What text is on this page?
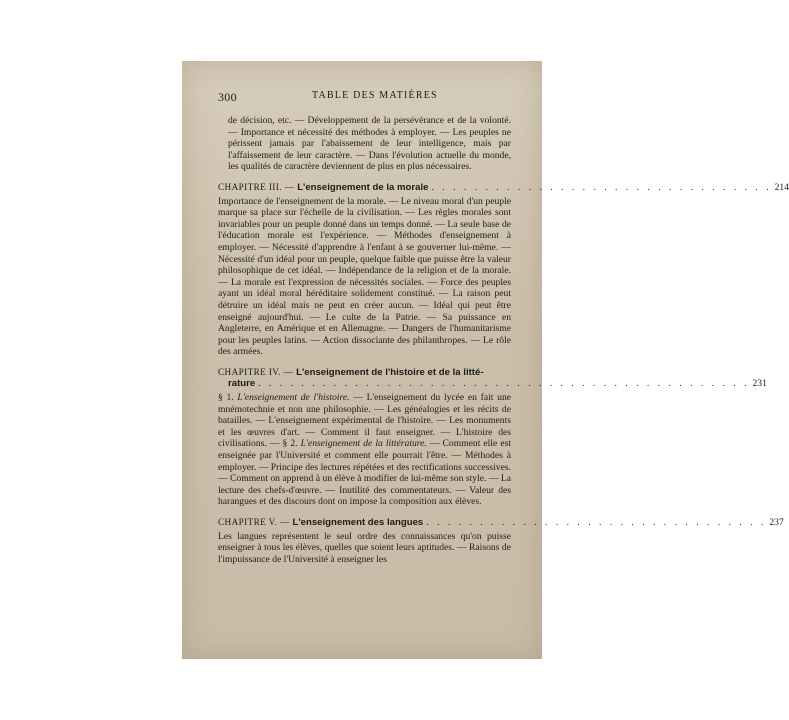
300	TABLE DES MATIÈRES
de décision, etc. — Développement de la persévérance et de la volonté. — Importance et nécessité des méthodes à employer. — Les peuples ne périssent jamais par l'abaissement de leur intelligence, mais par l'affaissement de leur caractère. — Dans l'évolution actuelle du monde, les qualités de caractère deviennent de plus en plus nécessaires.
CHAPITRE III. — L'enseignement de la morale . . . . . . . . . . . . . . . . . . . . . . . . . . . . . . . . 214
Importance de l'enseignement de la morale. — Le niveau moral d'un peuple marque sa place sur l'échelle de la civilisation. — Les règles morales sont invariables pour un peuple donné dans un temps donné. — La seule base de l'éducation morale est l'expérience. — Méthodes d'enseignement à employer. — Nécessité d'apprendre à l'enfant à se gouverner lui-même. — Nécessité d'un idéal pour un peuple, quelque faible que puisse être la valeur philosophique de cet idéal. — Indépendance de la religion et de la morale. — La morale est l'expression de nécessités sociales. — Force des peuples ayant un idéal moral héréditaire solidement constitué. — La raison peut détruire un idéal mais ne peut en créer aucun. — Idéal qui peut être enseigné aujourd'hui. — Le culte de la Patrie. — Sa puissance en Angleterre, en Amérique et en Allemagne. — Dangers de l'humanitarisme pour les peuples latins. — Action dissociante des philanthropes. — Le rôle des armées.
CHAPITRE IV. — L'enseignement de l'histoire et de la litté-
rature . . . . . . . . . . . . . . . . . . . . . . . . . . . . . . . . . . . . . . . . . . . . . . 231
§ 1. L'enseignement de l'histoire. — L'enseignement du lycée en fait une mnémotechnie et non une philosophie. — Les généalogies et les récits de batailles. — L'enseignement expérimental de l'histoire. — Les monuments et les œuvres d'art. — Comment il faut enseigner. — L'histoire des civilisations. — § 2. L'enseignement de la littérature. — Comment elle est enseignée par l'Université et comment elle pourrait l'être. — Méthodes à employer. — Principe des lectures répétées et des rectifications successives. — Comment on apprend à un élève à modifier de lui-même son style. — La lecture des chefs-d'œuvre. — Inutilité des commentateurs. — Valeur des harangues et des discours dont on impose la composition aux élèves.
CHAPITRE V. — L'enseignement des langues . . . . . . . . . . . . . . . . . . . . . . . . . . . . . . . . 237
Les langues représentent le seul ordre des connaissances qu'on puisse enseigner à tous les élèves, quelles que soient leurs aptitudes. — Raisons de l'impuissance de l'Université à enseigner les
